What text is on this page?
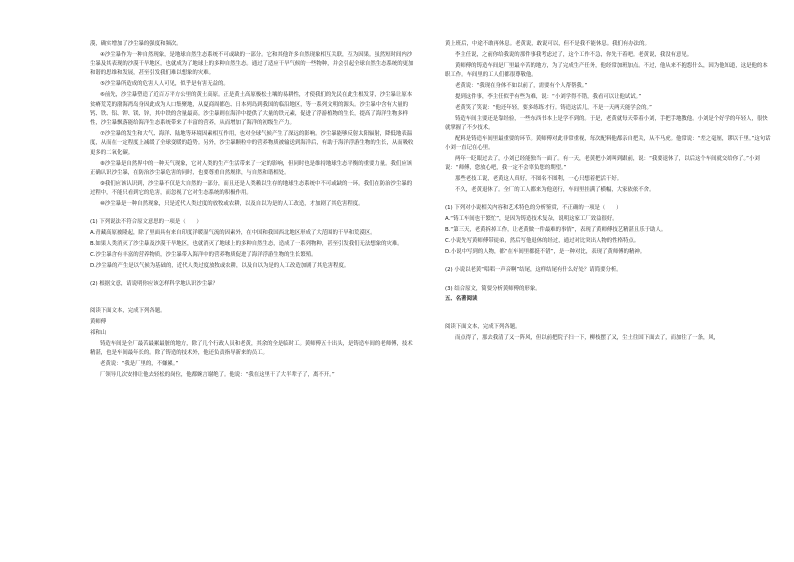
漠，确实增加了沙尘暴的强度和频次。

④沙尘暴作为一种自然现象，是地球自然生态系统不可或缺的一部分。它和其他许多自然现象相互关联，互为因果。虽然短时间内沙尘暴及其表现的沙漠干旱地区，也就成为了地球上的多种自然生态。通过了适应干旱气候的一些物种，并会引起全球自然生态系统的更加和谐的思维和发展，甚至引发我们难以想象的灾难。

⑤沙尘暴所造成的危害人人可见，似乎是有害无益的。

⑥前先，沙尘暴塑造了近百万平方公里的黄土高原。正是黄土高原极松土壤的易耕性，才使我们的先民在此生根发芽，沙尘暴让原本贫瘠荒芜的渤海湾岛身因此成为人口集聚地，从夏商周都色、日本列岛到我国的临沿地区，等一系列文明的源头。沙尘暴中含有大量的钙、铁、铝、钾、镁、锌，其中铁的含量最高。沙尘暴则在海洋中提供了大量的铁元素，促进了浮游植物的生长，提高了海洋生物多样性，沙尘暴飘落能给海洋生态系统带来了丰富的营养，从而增加了海洋的初级生产力。

⑦沙尘暴的发生和大气、海洋、陆地等环境因素相互作用，也对全球气候产生了深远的影响。沙尘暴能够反射太阳辐射，降低地表温度，从而在一定程度上减缓了全球变暖的趋势。另外，沙尘暴颗粒中的营养物质被输送到海洋后，有助于海洋浮游生物的生长，从而吸收更多的二氧化碳。

⑧沙尘暴是自然界中的一种天气现象，它对人类的生产生活带来了一定的影响，但同时也是维持地球生态平衡的重要力量。我们应该正确认识沙尘暴，在防治沙尘暴危害的同时，也要尊重自然规律，与自然和谐相处。

⑨我们应该认识到，沙尘暴不仅是大自然的一部分，而且还是人类赖以生存的地球生态系统中不可或缺的一环。我们在防治沙尘暴的过程中，不能只看到它的危害，而忽视了它对生态系统的积极作用。

⑩沙尘暴是一种自然现象，只是近代人类过度的放牧或农耕，以及自以为是的人工改造，才加剧了其危害程度。

(1) 下列说法不符合原文意思的一项是（　　）

A.青藏高原被隆起，除了里面具有来自印度洋暖湿气流的因素外，在中国和我国西北地区形成了大范围的干旱和荒漠区。

B.如果人类消灭了沙尘暴及沙漠干旱地区，也就消灭了地球上的多种自然生态，造成了一系列物种，甚至引发我们无法想象的灾难。

C.沙尘暴含有丰富的营养物质，沙尘暴带入海洋中的营养物质促进了海洋浮游生物的生长繁殖。

D.沙尘暴的产生是以气候为基础的，近代人类过度放牧或农耕，以及自以为是的人工改造加剧了其危害程度。

(2) 根据文意，请说明你应该怎样科学地认识沙尘暴？

阅读下面文本，完成下列各题。

黄师傅

祁和山

铸造车间是全厂最苦最累最脏的地方，除了几个行政人员和老黄，其余的全是临时工。黄师傅五十出头，是铸造车间的老师傅，技术精湛，也是车间最年长的。除了铸造的技术外，他还负责指导新来的员工。

老黄说：“我是厂里的，不嫌累。”

厂领导几次安排让他去轻松的岗位，他都婉言谢绝了。他说：“我在这里干了大半辈子了，离不开。”

黄上班后，中途不敢再休息。老黄说，敢说可以，但不是我不能休息。我们有办法的。

李主任说，之前你给我说的那件事我考虑过了，这个工作不急，你先干着吧。老黄说，我没有意见。

黄师傅的铸造车间是厂里最辛苦的地方，为了完成生产任务，他经常加班加点。不过，他从来不抱怨什么，因为他知道，这是他的本职工作。车间里的工人们都很尊敬他。

老黄说：“我现在身体不如以前了，需要有个人帮帮我。”

提到这件事，李主任似乎有些为难，说：“小刘学得不错，我看可以让他试试。”

老黄笑了笑说：“他还年轻，要多练练才行。铸造这活儿，不是一天两天能学会的。”

铸造车间主要还是靠经验，一些东西书本上是学不到的。于是，老黄就每天带着小刘，手把手地教他。小刘是个好学的年轻人，很快就掌握了不少技术。

配料是铸造车间里最重要的环节。黄师傅对此非常重视，每次配料他都亲自把关，从不马虎。他常说：“差之毫厘，谬以千里。”这句话小刘一直记在心里。

两年一眨眼过去了，小刘已经能独当一面了。有一天，老黄把小刘叫到跟前，说：“我要退休了，以后这个车间就交给你了。”小刘说：“师傅，您放心吧，我一定不会辜负您的期望。”

那些老技工说，老黄这人真好，不图名不图利，一心只想着把活干好。

不久，老黄退休了。全厂的工人都来为他送行，车间里挂满了横幅，大家依依不舍。

(1) 下列对小说相关内容和艺术特色的分析鉴赏，不正确的一项是（　　）

A.“铸工车间也干繁忙”，是因为铸造技术复杂，说明这家工厂效益很好。

B.“第三天，老黄拆掉工作，让老黄做一件最难的事情”，表现了黄师傅技艺精湛且乐于助人。

C.小说先写黄师傅带徒弟，然后写他退休的经过，通过对比突出人物的性格特点。

D.小说中写到的人物，都“在车间里都挺不错”，是一种对比，表现了黄师傅的精神。

(2) 小说以老黄“唱唱一声音啊”结尾，这样结尾有什么好处？请简要分析。

(3) 结合原文，简要分析黄师傅的形象。

五、名著阅读

阅读下面文本，完成下列各题。

而点得了，那去我清了又一阵风，但以前把院子扫一下，柳枝摆了又，尘土往国下面去了，而加往了一条，风，
